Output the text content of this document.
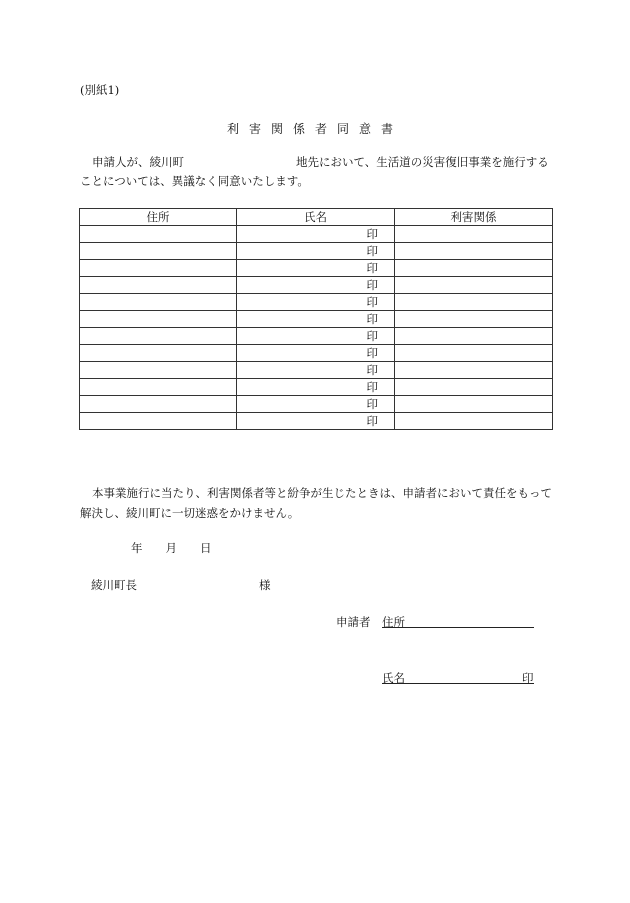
(別紙1)
利害関係者同意書
申請人が、綾川町	地先において、生活道の災害復旧事業を施行することについては、異議なく同意いたします。
住所	氏名	利害関係
	印	
	印	
	印	
	印	
	印	
	印	
	印	
	印	
	印	
	印	
	印	
	印	
本事業施行に当たり、利害関係者等と紛争が生じたときは、申請者において責任をもって解決し、綾川町に一切迷惑をかけません。
年 月 日
綾川町長	様
申請者 住所
氏名	印
